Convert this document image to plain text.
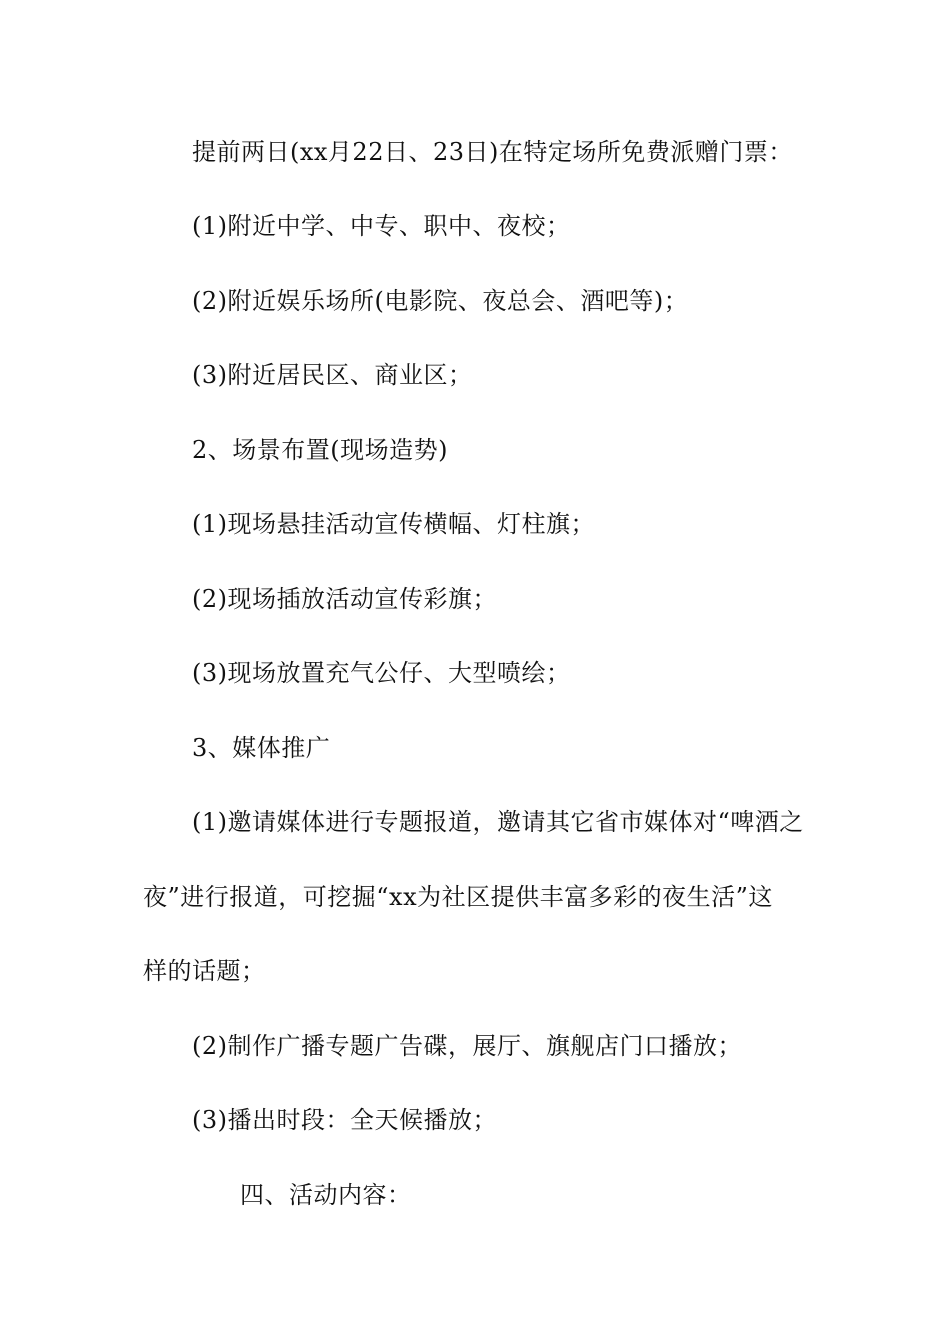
提前两日(xx月22日、23日)在特定场所免费派赠门票：
(1)附近中学、中专、职中、夜校；
(2)附近娱乐场所(电影院、夜总会、酒吧等)；
(3)附近居民区、商业区；
2、场景布置(现场造势)
(1)现场悬挂活动宣传横幅、灯柱旗；
(2)现场插放活动宣传彩旗；
(3)现场放置充气公仔、大型喷绘；
3、媒体推广
(1)邀请媒体进行专题报道，邀请其它省市媒体对“啤酒之
夜”进行报道，可挖掘“xx为社区提供丰富多彩的夜生活”这
样的话题；
(2)制作广播专题广告碟，展厅、旗舰店门口播放；
(3)播出时段：全天候播放；
四、活动内容：
